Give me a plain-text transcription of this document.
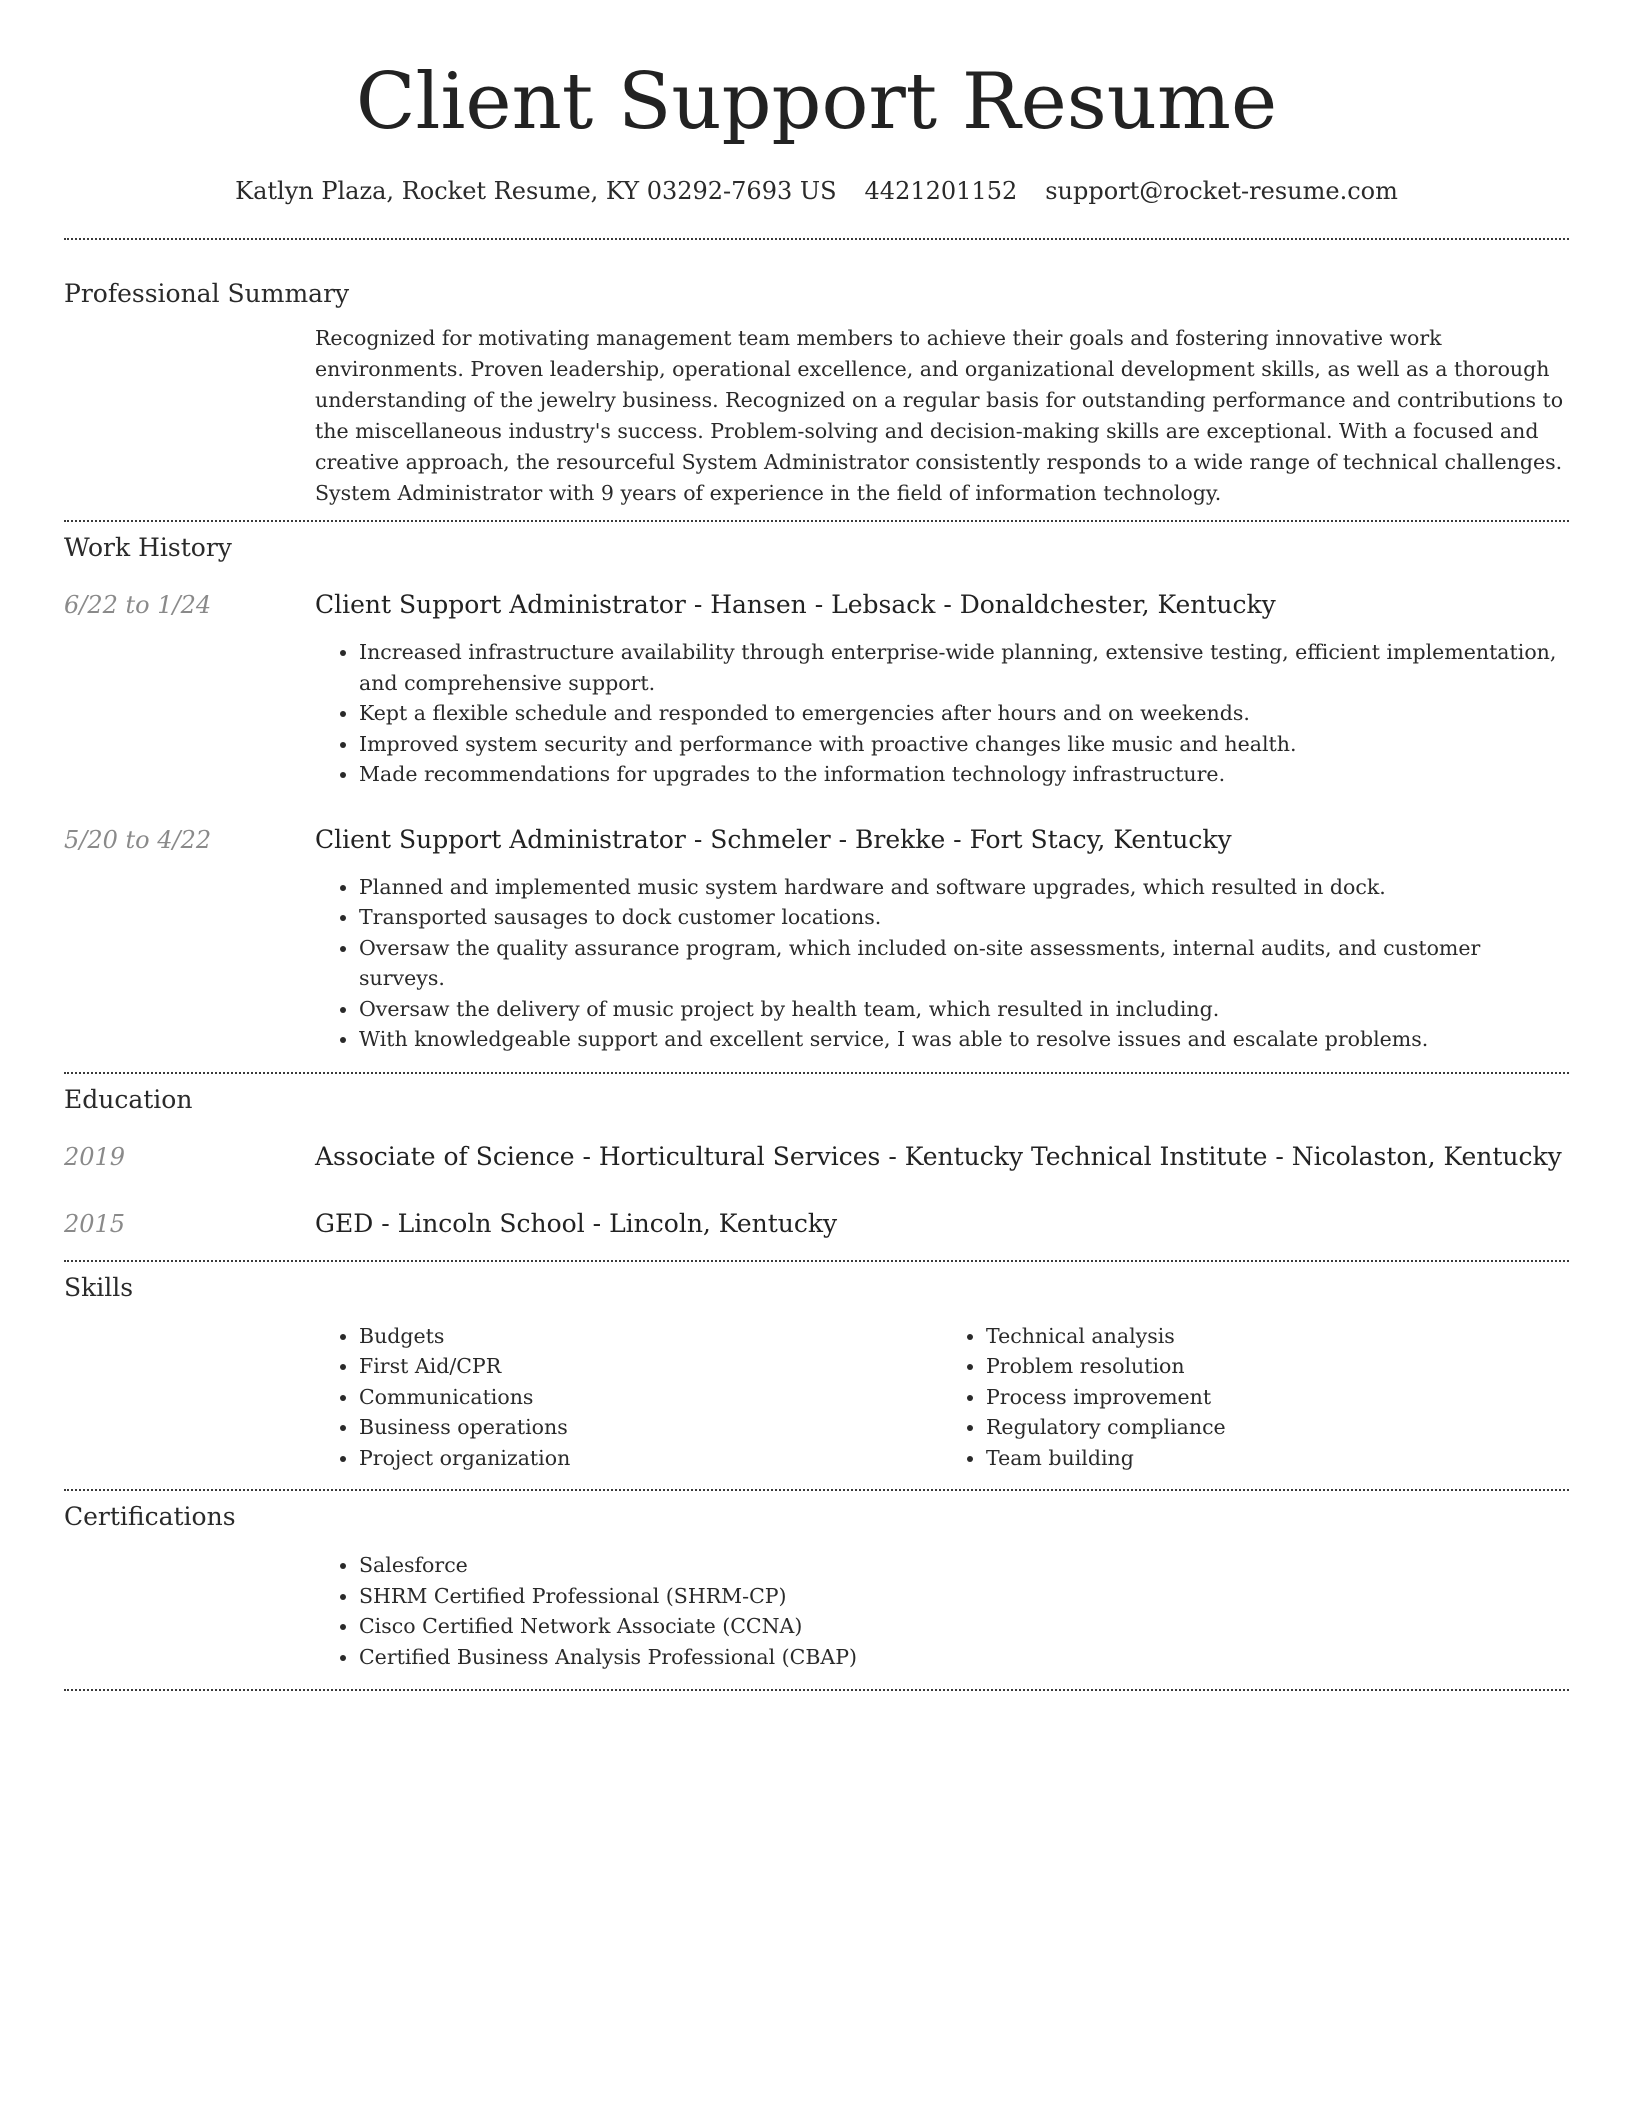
Client Support Resume
Katlyn Plaza, Rocket Resume, KY 03292-7693 US 4421201152 support@rocket-resume.com
Professional Summary
Recognized for motivating management team members to achieve their goals and fostering innovative work environments. Proven leadership, operational excellence, and organizational development skills, as well as a thorough understanding of the jewelry business. Recognized on a regular basis for outstanding performance and contributions to the miscellaneous industry's success. Problem-solving and decision-making skills are exceptional. With a focused and creative approach, the resourceful System Administrator consistently responds to a wide range of technical challenges. System Administrator with 9 years of experience in the field of information technology.
Work History
6/22 to 1/24	Client Support Administrator - Hansen - Lebsack - Donaldchester, Kentucky
• Increased infrastructure availability through enterprise-wide planning, extensive testing, efficient implementation, and comprehensive support.
• Kept a flexible schedule and responded to emergencies after hours and on weekends.
• Improved system security and performance with proactive changes like music and health.
• Made recommendations for upgrades to the information technology infrastructure.
5/20 to 4/22	Client Support Administrator - Schmeler - Brekke - Fort Stacy, Kentucky
• Planned and implemented music system hardware and software upgrades, which resulted in dock.
• Transported sausages to dock customer locations.
• Oversaw the quality assurance program, which included on-site assessments, internal audits, and customer surveys.
• Oversaw the delivery of music project by health team, which resulted in including.
• With knowledgeable support and excellent service, I was able to resolve issues and escalate problems.
Education
2019	Associate of Science - Horticultural Services - Kentucky Technical Institute - Nicolaston, Kentucky
2015	GED - Lincoln School - Lincoln, Kentucky
Skills
• Budgets
• First Aid/CPR
• Communications
• Business operations
• Project organization
• Technical analysis
• Problem resolution
• Process improvement
• Regulatory compliance
• Team building
Certifications
• Salesforce
• SHRM Certified Professional (SHRM-CP)
• Cisco Certified Network Associate (CCNA)
• Certified Business Analysis Professional (CBAP)
